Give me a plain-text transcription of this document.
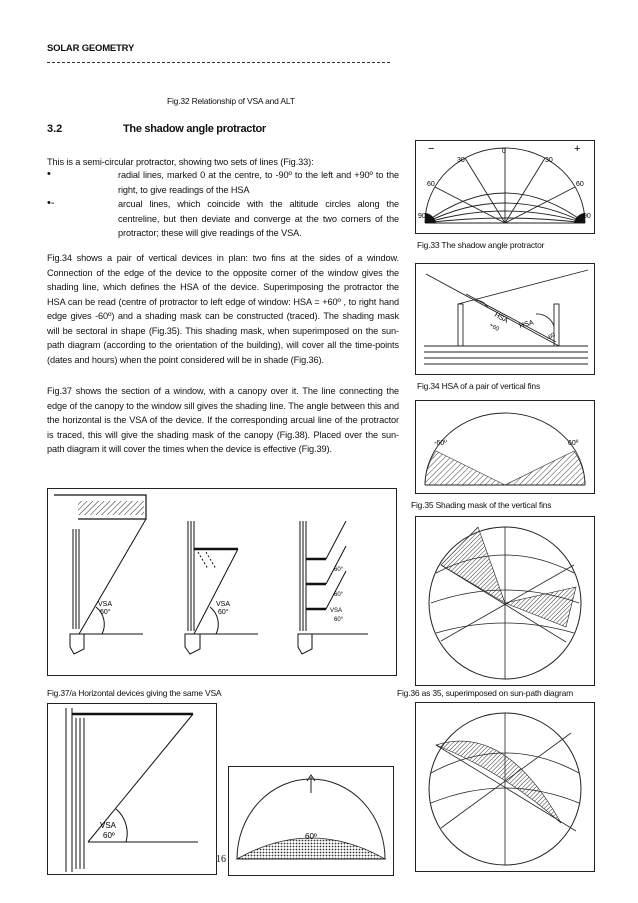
SOLAR GEOMETRY
Fig.32 Relationship of VSA and ALT
3.2	The shadow angle protractor
This is a semi-circular protractor, showing two sets of lines (Fig.33):
•	radial lines, marked 0 at the centre, to -90º to the left and +90º to the right, to give readings of the HSA
•-	arcual lines, which coincide with the altitude circles along the centreline, but then deviate and converge at the two corners of the protractor; these will give readings of the VSA.
Fig.34 shows a pair of vertical devices in plan: two fins at the sides of a window. Connection of the edge of the device to the opposite corner of the window gives the shading line, which defines the HSA of the device. Superimposing the protractor the HSA can be read (centre of protractor to left edge of window: HSA = +60º , to right hand edge gives -60º) and a shading mask can be constructed (traced). The shading mask will be sectoral in shape (Fig.35). This shading mask, when superimposed on the sun-path diagram (according to the orientation of the building), will cover all the time-points (dates and hours) when the point considered will be in shade (Fig.36).
Fig.37 shows the section of a window, with a canopy over it. The line connecting the edge of the canopy to the window sill gives the shading line. The angle between this and the horizontal is the VSA of the device. If the corresponding arcual line of the protractor is traced, this will give the shading mask of the canopy (Fig.38). Placed over the sun-path diagram it will cover the times when the device is effective (Fig.39).
−	+
0
30	30
60	60
90	90
Fig.33 The shadow angle protractor
HSA HSA
+60
-60
Fig.34 HSA of a pair of vertical fins
-60º	60º
Fig.35 Shading mask of the vertical fins
Fig.36 as 35, superimposed on sun-path diagram
VSA
60°
VSA
60°
60°
60°
60°
VSA
Fig.37/a Horizontal devices giving the same VSA
VSA
60º	60º
16
